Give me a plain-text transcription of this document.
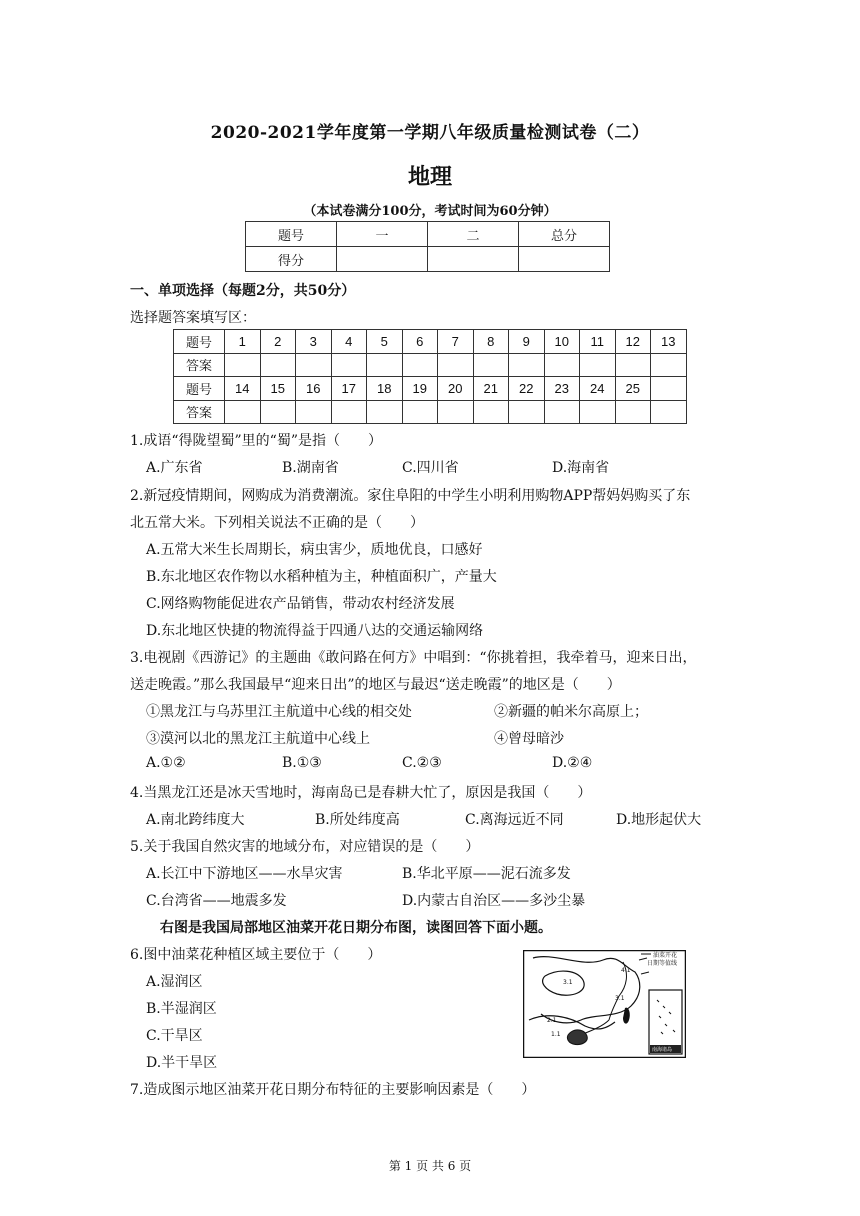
2020-2021学年度第一学期八年级质量检测试卷（二）
地理
（本试卷满分100分，考试时间为60分钟）
题号	一	二	总分
得分			
一、单项选择（每题2分，共50分）
选择题答案填写区：
题号	1	2	3	4	5	6	7	8	9	10	11	12	13
答案													
题号	14	15	16	17	18	19	20	21	22	23	24	25	
答案													
1.成语“得陇望蜀”里的“蜀”是指（　　）
A.广东省	B.湖南省	C.四川省	D.海南省
2.新冠疫情期间，网购成为消费潮流。家住阜阳的中学生小明利用购物APP帮妈妈购买了东
北五常大米。下列相关说法不正确的是（　　）
A.五常大米生长周期长，病虫害少，质地优良，口感好
B.东北地区农作物以水稻种植为主，种植面积广，产量大
C.网络购物能促进农产品销售，带动农村经济发展
D.东北地区快捷的物流得益于四通八达的交通运输网络
3.电视剧《西游记》的主题曲《敢问路在何方》中唱到：“你挑着担，我牵着马，迎来日出，
送走晚霞。”那么我国最早“迎来日出”的地区与最迟“送走晚霞”的地区是（　　）
①黑龙江与乌苏里江主航道中心线的相交处	②新疆的帕米尔高原上；
③漠河以北的黑龙江主航道中心线上	④曾母暗沙
A.①②	B.①③	C.②③	D.②④
4.当黑龙江还是冰天雪地时，海南岛已是春耕大忙了，原因是我国（　　）
A.南北跨纬度大	B.所处纬度高	C.离海远近不同	D.地形起伏大
5.关于我国自然灾害的地域分布，对应错误的是（　　）
A.长江中下游地区——水旱灾害	B.华北平原——泥石流多发
C.台湾省——地震多发	D.内蒙古自治区——多沙尘暴
右图是我国局部地区油菜开花日期分布图，读图回答下面小题。
6.图中油菜花种植区域主要位于（　　）
A.湿润区
B.半湿润区
C.干旱区
D.半干旱区
7.造成图示地区油菜开花日期分布特征的主要影响因素是（　　）
油菜开花
日期等值线
4.1
3.1
3.1
2.1
1.1
南海诸岛
第 1 页 共 6 页
